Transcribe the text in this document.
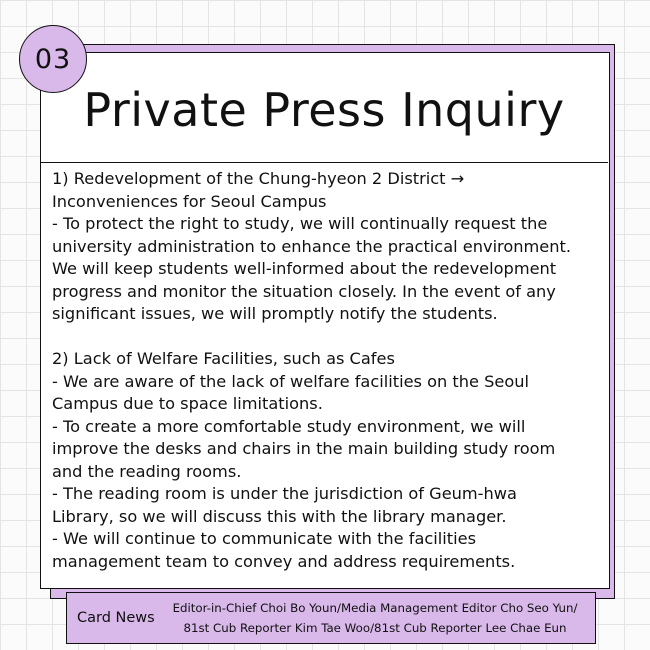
Private Press Inquiry
03
1) Redevelopment of the Chung-hyeon 2 District →
Inconveniences for Seoul Campus
- To protect the right to study, we will continually request the
university administration to enhance the practical environment.
We will keep students well-informed about the redevelopment
progress and monitor the situation closely. In the event of any
significant issues, we will promptly notify the students.
2) Lack of Welfare Facilities, such as Cafes
- We are aware of the lack of welfare facilities on the Seoul
Campus due to space limitations.
- To create a more comfortable study environment, we will
improve the desks and chairs in the main building study room
and the reading rooms.
- The reading room is under the jurisdiction of Geum-hwa
Library, so we will discuss this with the library manager.
- We will continue to communicate with the facilities
management team to convey and address requirements.
Card News
Editor-in-Chief Choi Bo Youn/Media Management Editor Cho Seo Yun/
81st Cub Reporter Kim Tae Woo/81st Cub Reporter Lee Chae Eun
